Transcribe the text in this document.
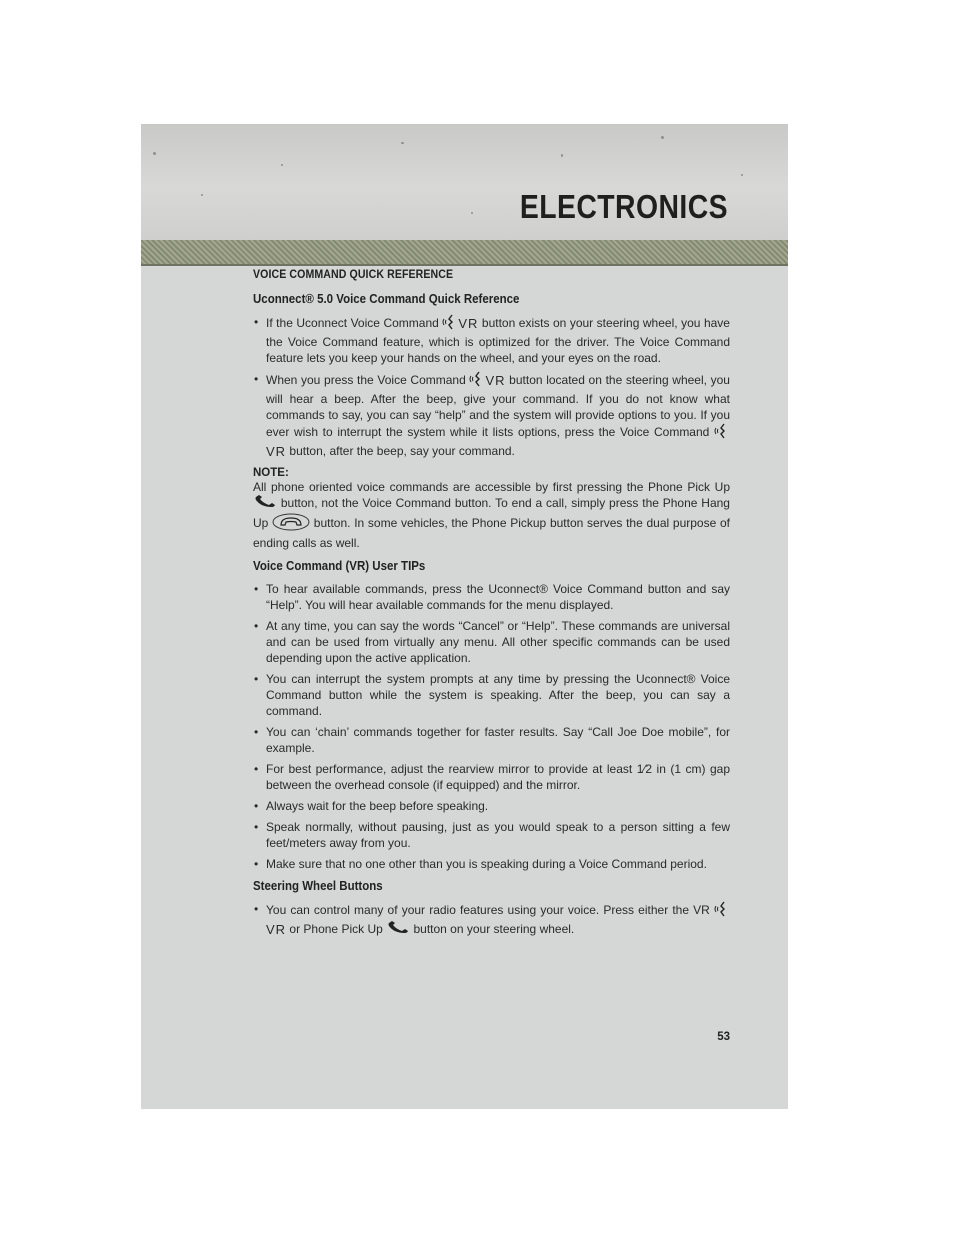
ELECTRONICS
VOICE COMMAND QUICK REFERENCE
Uconnect® 5.0 Voice Command Quick Reference
• If the Uconnect Voice Command VR button exists on your steering wheel, you have the Voice Command feature, which is optimized for the driver. The Voice Command feature lets you keep your hands on the wheel, and your eyes on the road.
• When you press the Voice Command VR button located on the steering wheel, you will hear a beep. After the beep, give your command. If you do not know what commands to say, you can say “help” and the system will provide options to you. If you ever wish to interrupt the system while it lists options, press the Voice Command VR button, after the beep, say your command.
NOTE:

All phone oriented voice commands are accessible by first pressing the Phone Pick Up  button, not the Voice Command button. To end a call, simply press the Phone Hang Up	button. In some vehicles, the Phone Pickup button serves the dual purpose of ending calls as well.

Voice Command (VR) User TIPs
• To hear available commands, press the Uconnect® Voice Command button and say “Help”. You will hear available commands for the menu displayed.
• At any time, you can say the words “Cancel” or “Help”. These commands are universal and can be used from virtually any menu. All other specific commands can be used depending upon the active application.
• You can interrupt the system prompts at any time by pressing the Uconnect® Voice Command button while the system is speaking. After the beep, you can say a command.
• You can ‘chain’ commands together for faster results. Say “Call Joe Doe mobile”, for example.
• For best performance, adjust the rearview mirror to provide at least 1⁄2 in (1 cm) gap between the overhead console (if equipped) and the mirror.
• Always wait for the beep before speaking.
• Speak normally, without pausing, just as you would speak to a person sitting a few feet/meters away from you.
• Make sure that no one other than you is speaking during a Voice Command period.
Steering Wheel Buttons
• You can control many of your radio features using your voice. Press either the VR VR or Phone Pick Up	button on your steering wheel.
53
